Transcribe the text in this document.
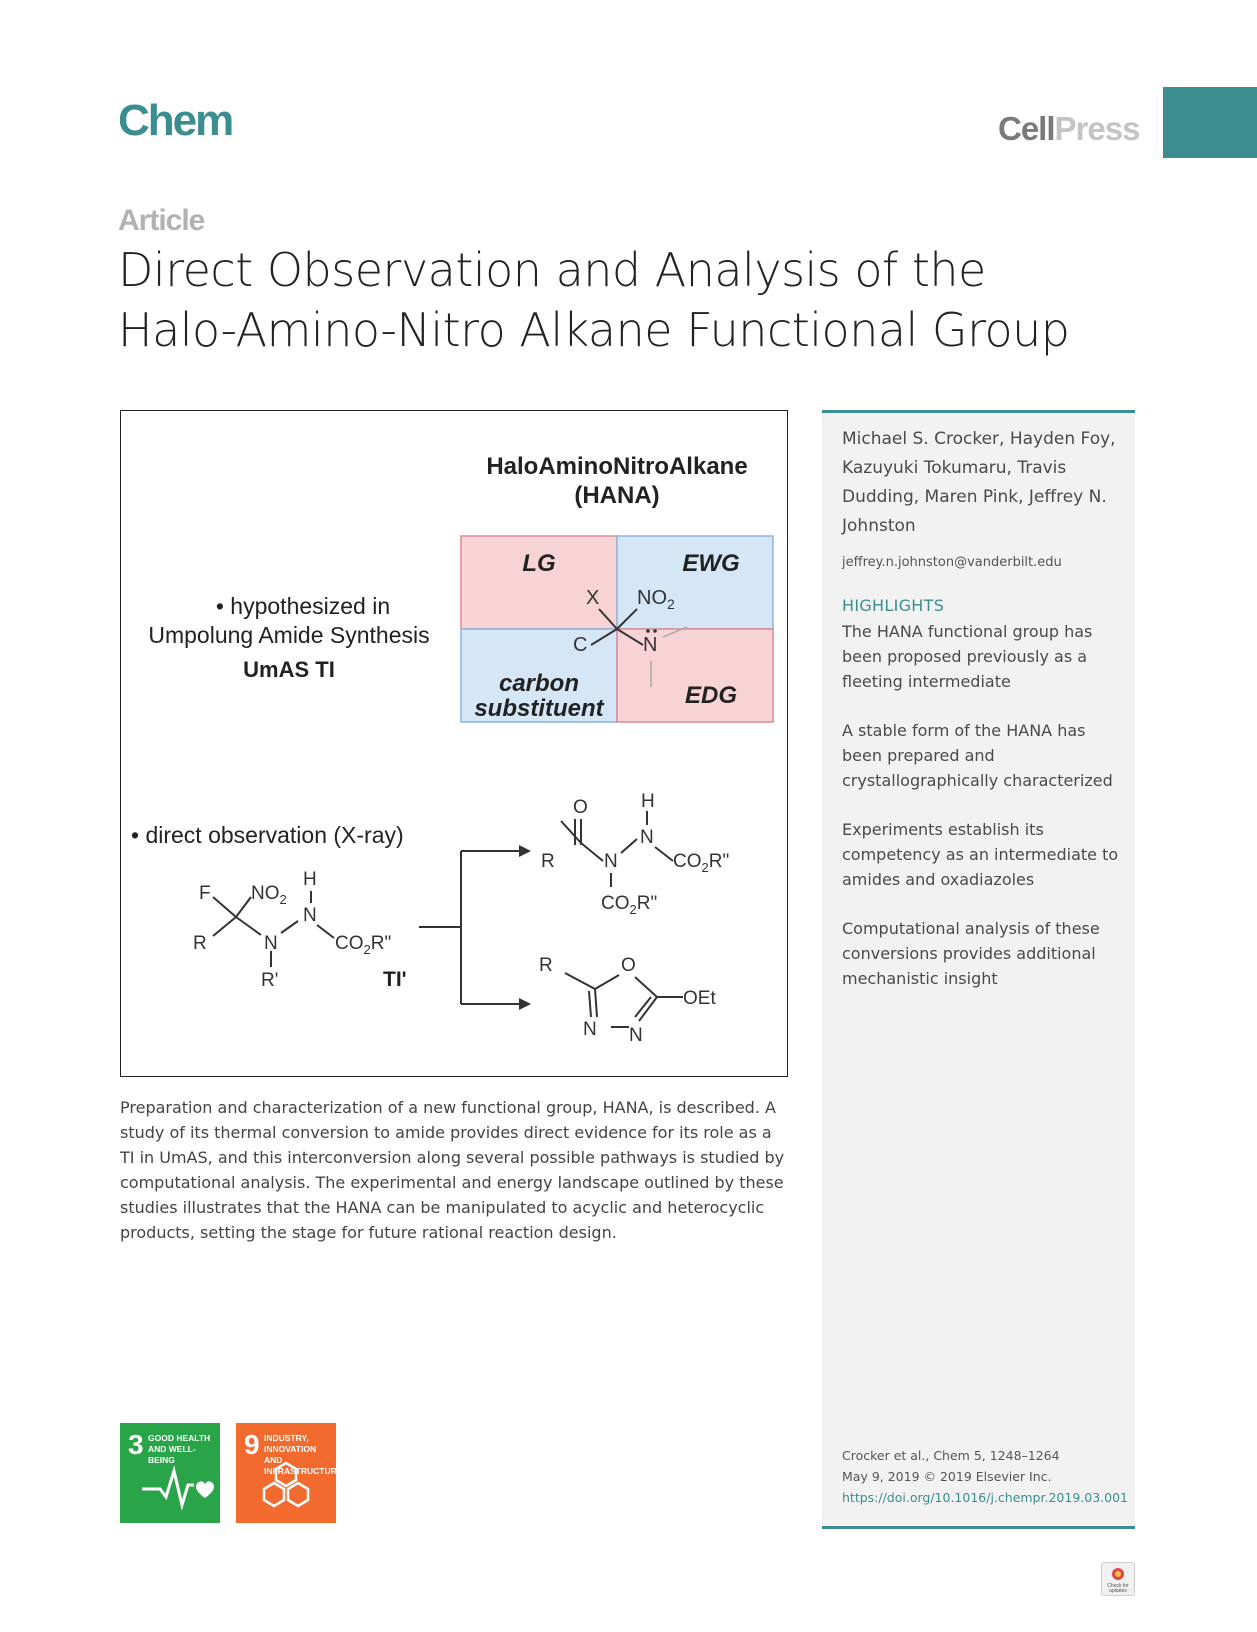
Chem	CellPress
Article
Direct Observation and Analysis of the Halo-Amino-Nitro Alkane Functional Group
HaloAminoNitroAlkane
(HANA)
LG	EWG
carbon
substituent	EDG
X $NO_2$
C	N
• hypothesized in
Umpolung Amide Synthesis
UmAS TI
• direct observation (X-ray)
F $NO_2$
H
N
R	N	$CO_2R$"
R'	TI'
O	H
N
R	N	$CO_2R$"
$CO_2R$"
R	O
OEt
N N
Preparation and characterization of a new functional group, HANA, is described. A study of its thermal conversion to amide provides direct evidence for its role as a TI in UmAS, and this interconversion along several possible pathways is studied by computational analysis. The experimental and energy landscape outlined by these studies illustrates that the HANA can be manipulated to acyclic and heterocyclic products, setting the stage for future rational reaction design.
Michael S. Crocker, Hayden Foy, Kazuyuki Tokumaru, Travis Dudding, Maren Pink, Jeffrey N. Johnston
jeffrey.n.johnston@vanderbilt.edu
HIGHLIGHTS
The HANA functional group has been proposed previously as a fleeting intermediate
A stable form of the HANA has been prepared and crystallographically characterized
Experiments establish its competency as an intermediate to amides and oxadiazoles
Computational analysis of these conversions provides additional mechanistic insight
Crocker et al., Chem 5, 1248–1264
May 9, 2019 © 2019 Elsevier Inc.
https://doi.org/10.1016/j.chempr.2019.03.001
3 GOOD HEALTH
AND WELL-BEING	9 INDUSTRY, INNOVATION
AND INFRASTRUCTURE
Check for
updates
